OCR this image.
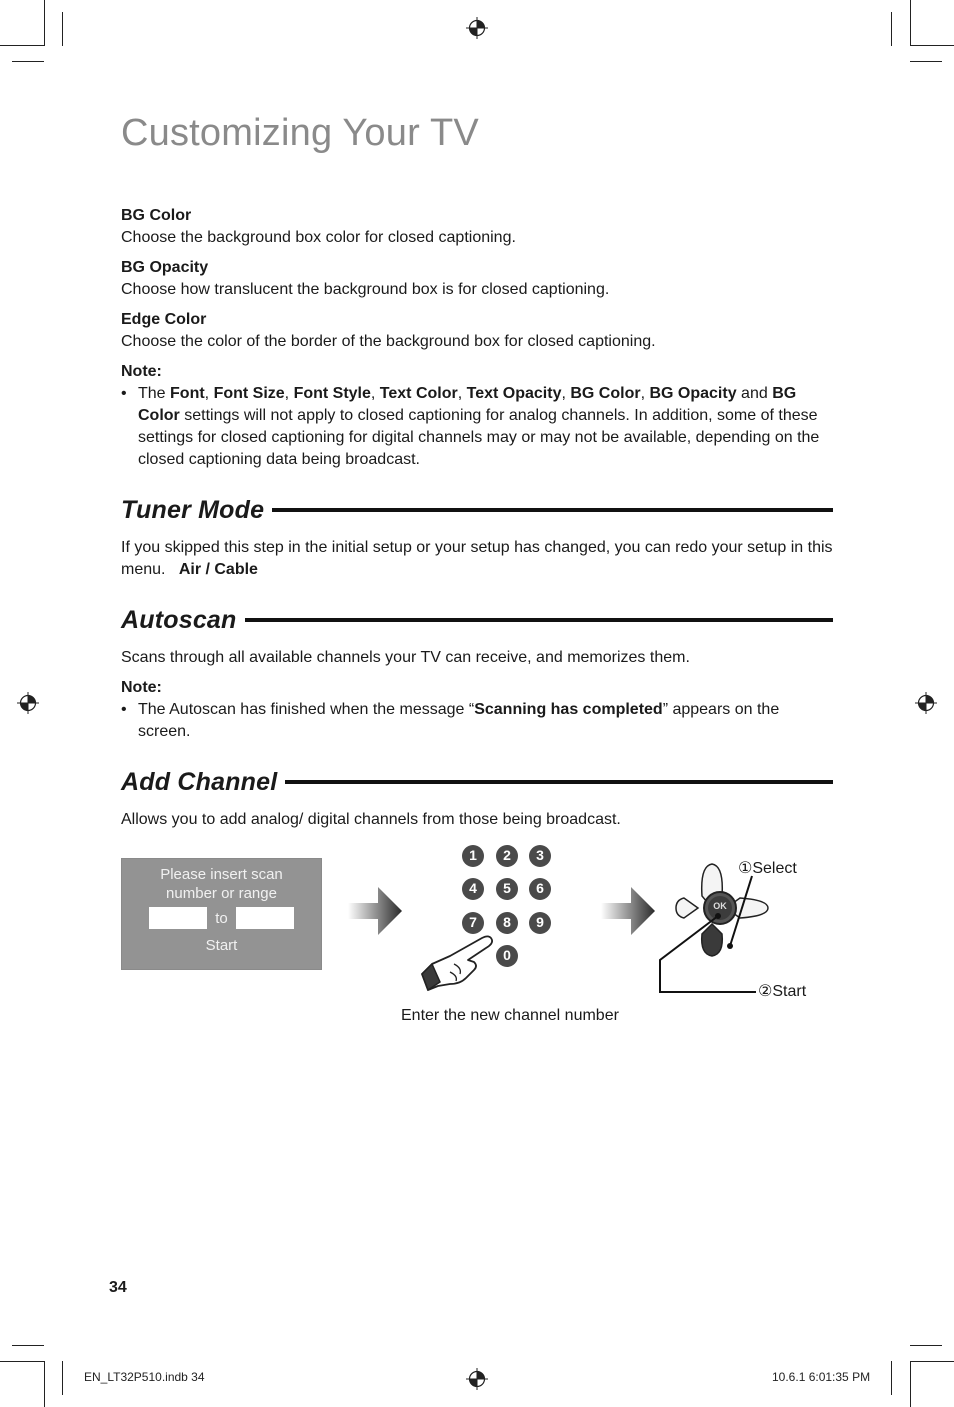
Customizing Your TV

BG Color

Choose the background box color for closed captioning.

BG Opacity

Choose how translucent the background box is for closed captioning.

Edge Color

Choose the color of the border of the background box for closed captioning.

Note:

• The Font, Font Size, Font Style, Text Color, Text Opacity, BG Color, BG Opacity and BG Color settings will not apply to closed captioning for analog channels. In addition, some of these settings for closed captioning for digital channels may or may not be available, depending on the closed captioning data being broadcast.

Tuner Mode

If you skipped this step in the initial setup or your setup has changed, you can redo your setup in this menu. Air / Cable

Autoscan

Scans through all available channels your TV can receive, and memorizes them.

Note:

• The Autoscan has finished when the message “Scanning has completed” appears on the screen.

Add Channel

Allows you to add analog/ digital channels from those being broadcast.

Please insert scan
number or range
to
Start
1 2 3
4 5 6
7 8 9
0
Enter the new channel number
OK
①Select
②Start
34
EN_LT32P510.indb 34	10.6.1 6:01:35 PM
